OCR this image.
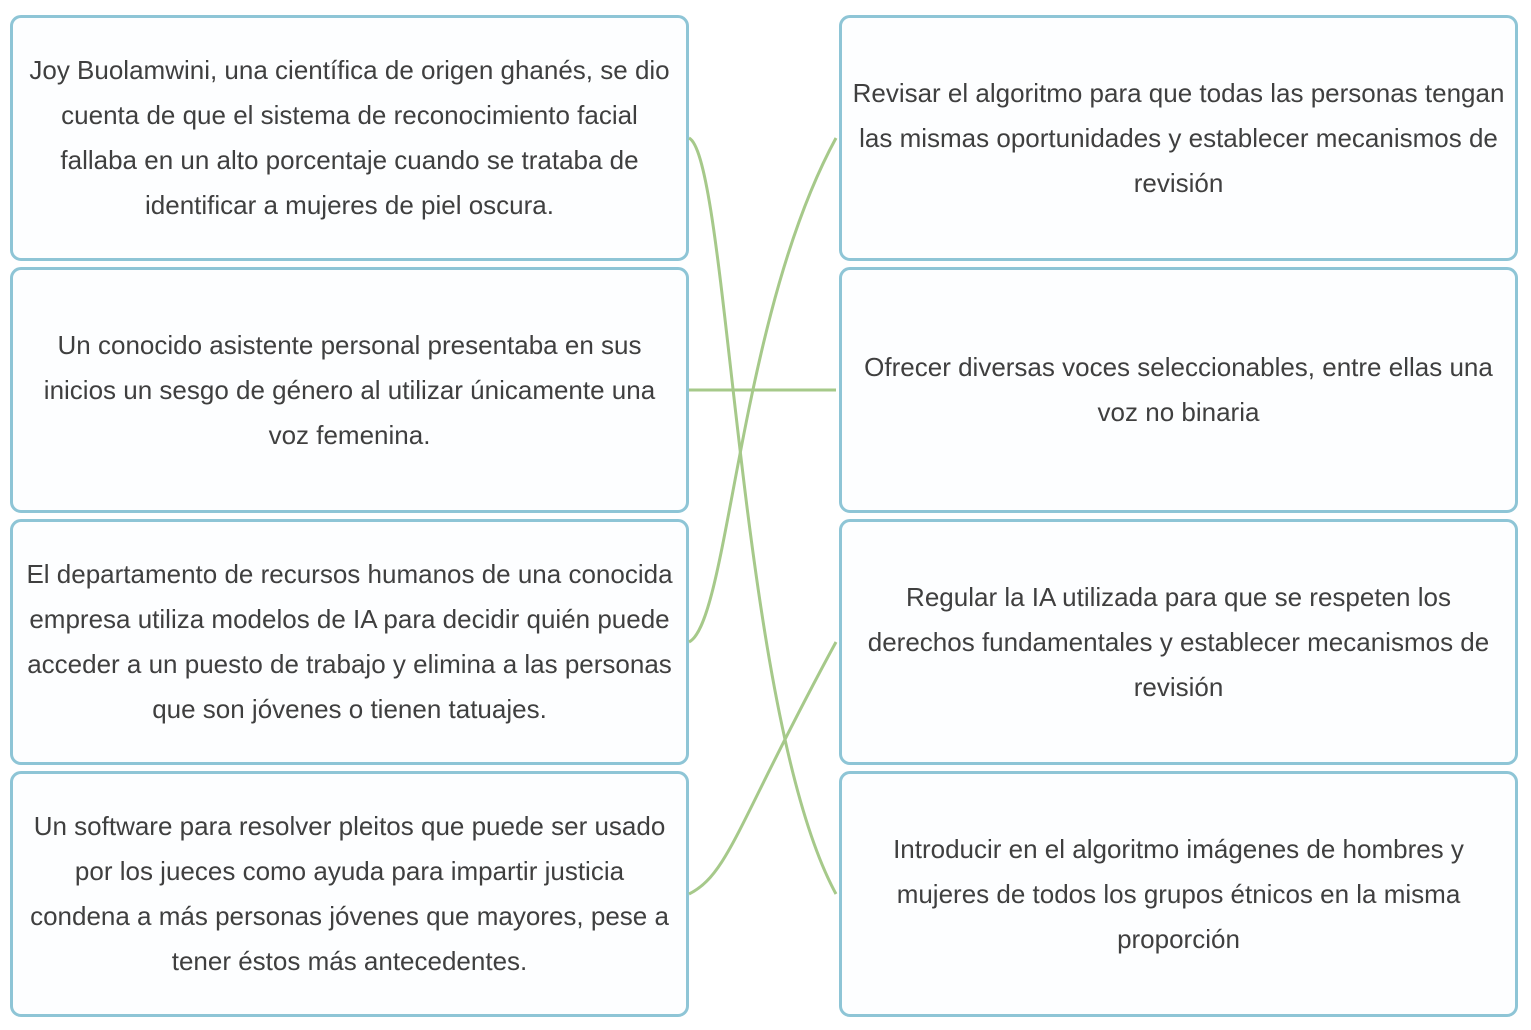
Joy Buolamwini, una científica de origen ghanés, se dio cuenta de que el sistema de reconocimiento facial fallaba en un alto porcentaje cuando se trataba de identificar a mujeres de piel oscura.
Un conocido asistente personal presentaba en sus inicios un sesgo de género al utilizar únicamente una voz femenina.
El departamento de recursos humanos de una conocida empresa utiliza modelos de IA para decidir quién puede acceder a un puesto de trabajo y elimina a las personas que son jóvenes o tienen tatuajes.
Un software para resolver pleitos que puede ser usado por los jueces como ayuda para impartir justicia condena a más personas jóvenes que mayores, pese a tener éstos más antecedentes.
Revisar el algoritmo para que todas las personas tengan las mismas oportunidades y establecer mecanismos de revisión
Ofrecer diversas voces seleccionables, entre ellas una voz no binaria
Regular la IA utilizada para que se respeten los derechos fundamentales y establecer mecanismos de revisión
Introducir en el algoritmo imágenes de hombres y mujeres de todos los grupos étnicos en la misma proporción
